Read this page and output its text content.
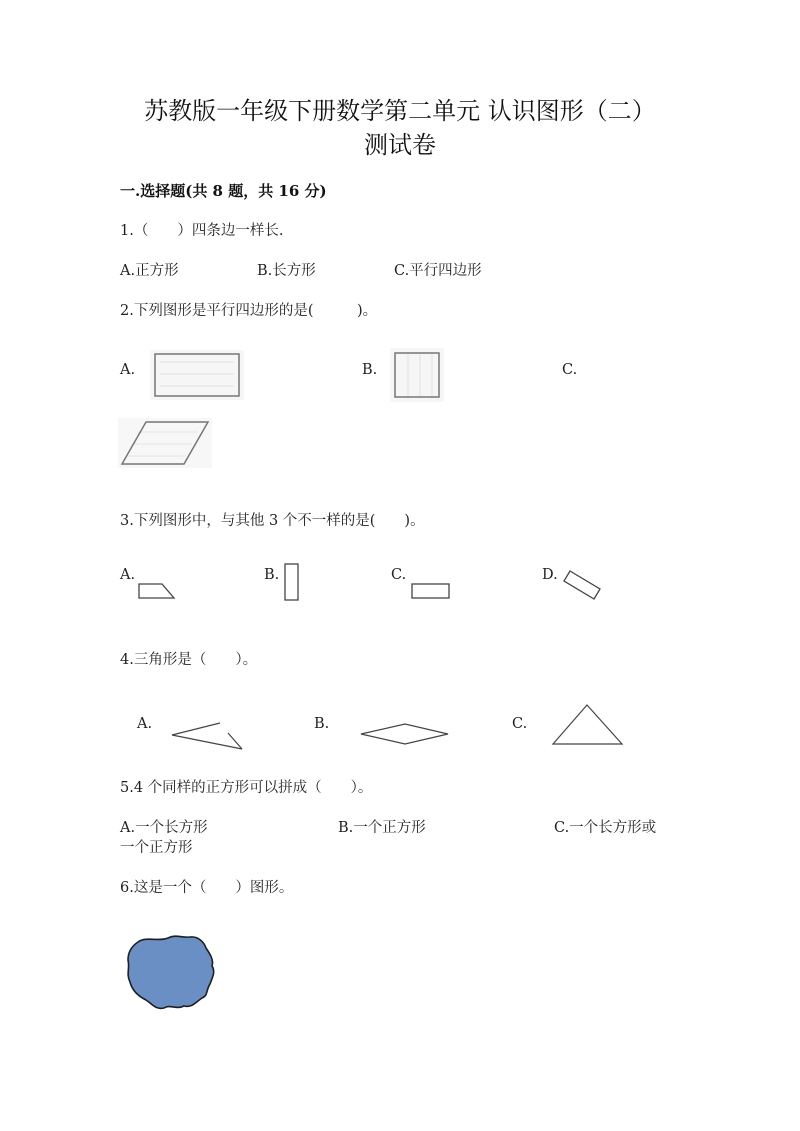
苏教版一年级下册数学第二单元 认识图形（二）
测试卷
一.选择题(共 8 题，共 16 分)
1.（　　）四条边一样长.
A.正方形	B.长方形	C.平行四边形
2.下列图形是平行四边形的是(　　　)。
A.	B.	C.
3.下列图形中，与其他 3 个不一样的是(　　)。
A.	B.	C.	D.
4.三角形是（　　）。
A.	B.	C.
5.4 个同样的正方形可以拼成（　　）。
A.一个长方形	B.一个正方形	C.一个长方形或
一个正方形
6.这是一个（　　）图形。
